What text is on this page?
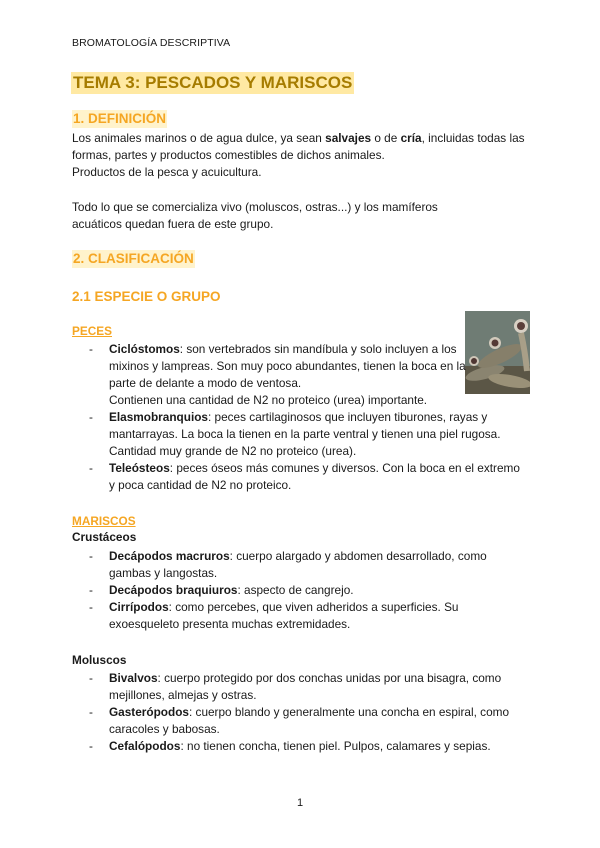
BROMATOLOGÍA DESCRIPTIVA
TEMA 3: PESCADOS Y MARISCOS
1. DEFINICIÓN
Los animales marinos o de agua dulce, ya sean salvajes o de cría, incluidas todas las formas, partes y productos comestibles de dichos animales.
Productos de la pesca y acuicultura.
Todo lo que se comercializa vivo (moluscos, ostras...) y los mamíferos acuáticos quedan fuera de este grupo.
2. CLASIFICACIÓN
2.1 ESPECIE O GRUPO
PECES
- Ciclóstomos: son vertebrados sin mandíbula y solo incluyen a los mixinos y lampreas. Son muy poco abundantes, tienen la boca en la parte de delante a modo de ventosa.
Contienen una cantidad de N2 no proteico (urea) importante.
- Elasmobranquios: peces cartilaginosos que incluyen tiburones, rayas y mantarrayas. La boca la tienen en la parte ventral y tienen una piel rugosa. Cantidad muy grande de N2 no proteico (urea).
- Teleósteos: peces óseos más comunes y diversos. Con la boca en el extremo y poca cantidad de N2 no proteico.
MARISCOS
Crustáceos
- Decápodos macruros: cuerpo alargado y abdomen desarrollado, como gambas y langostas.
- Decápodos braquiuros: aspecto de cangrejo.
- Cirrípodos: como percebes, que viven adheridos a superficies. Su exoesqueleto presenta muchas extremidades.
Moluscos
- Bivalvos: cuerpo protegido por dos conchas unidas por una bisagra, como mejillones, almejas y ostras.
- Gasterópodos: cuerpo blando y generalmente una concha en espiral, como caracoles y babosas.
- Cefalópodos: no tienen concha, tienen piel. Pulpos, calamares y sepias.
1
